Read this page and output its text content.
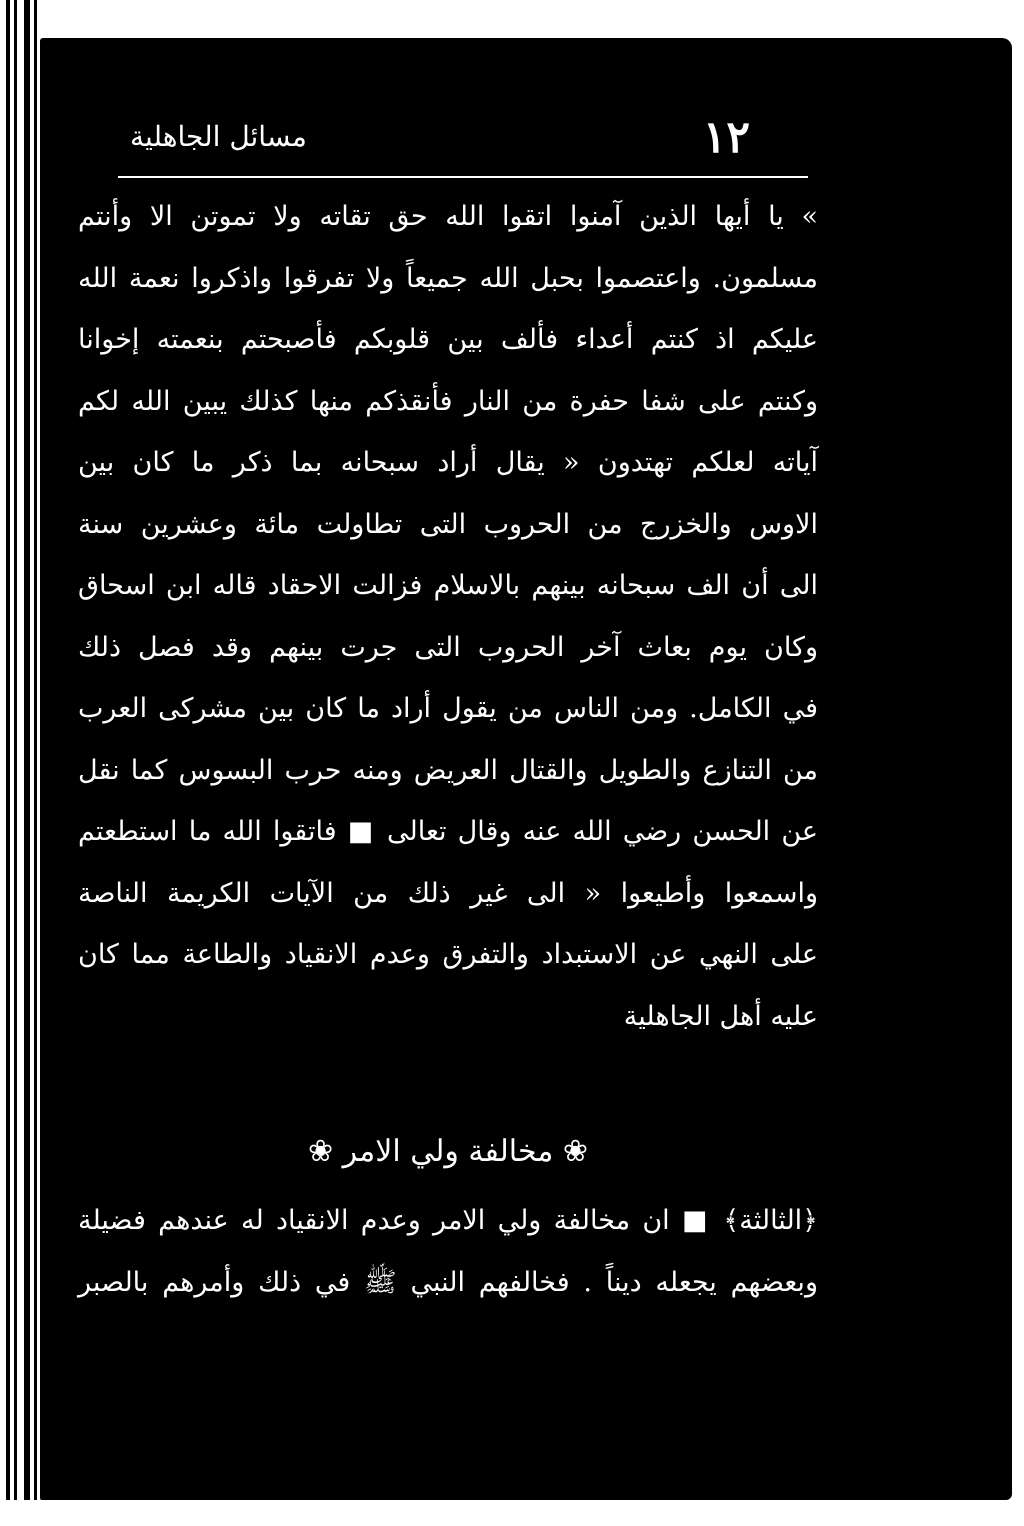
١٢
مسائل الجاهلية
» يا أيها الذين آمنوا اتقوا الله حق تقاته ولا تموتن الا وأنتم
مسلمون. واعتصموا بحبل الله جميعاً ولا تفرقوا واذكروا نعمة الله
عليكم اذ كنتم أعداء فألف بين قلوبكم فأصبحتم بنعمته إخوانا
وكنتم على شفا حفرة من النار فأنقذكم منها كذلك يبين الله لكم
آياته لعلكم تهتدون « يقال أراد سبحانه بما ذكر ما كان بين
الاوس والخزرج من الحروب التى تطاولت مائة وعشرين سنة
الى أن الف سبحانه بينهم بالاسلام فزالت الاحقاد قاله ابن اسحاق
وكان يوم بعاث آخر الحروب التى جرت بينهم وقد فصل ذلك
في الكامل. ومن الناس من يقول أراد ما كان بين مشركى العرب
من التنازع والطويل والقتال العريض ومنه حرب البسوس كما نقل
عن الحسن رضي الله عنه وقال تعالى ■ فاتقوا الله ما استطعتم
واسمعوا وأطيعوا « الى غير ذلك من الآيات الكريمة الناصة
على النهي عن الاستبداد والتفرق وعدم الانقياد والطاعة مما كان
عليه أهل الجاهلية
❀ مخالفة ولي الامر ❀
﴿الثالثة﴾ ■ ان مخالفة ولي الامر وعدم الانقياد له عندهم فضيلة
وبعضهم يجعله ديناً . فخالفهم النبي ﷺ في ذلك وأمرهم بالصبر
